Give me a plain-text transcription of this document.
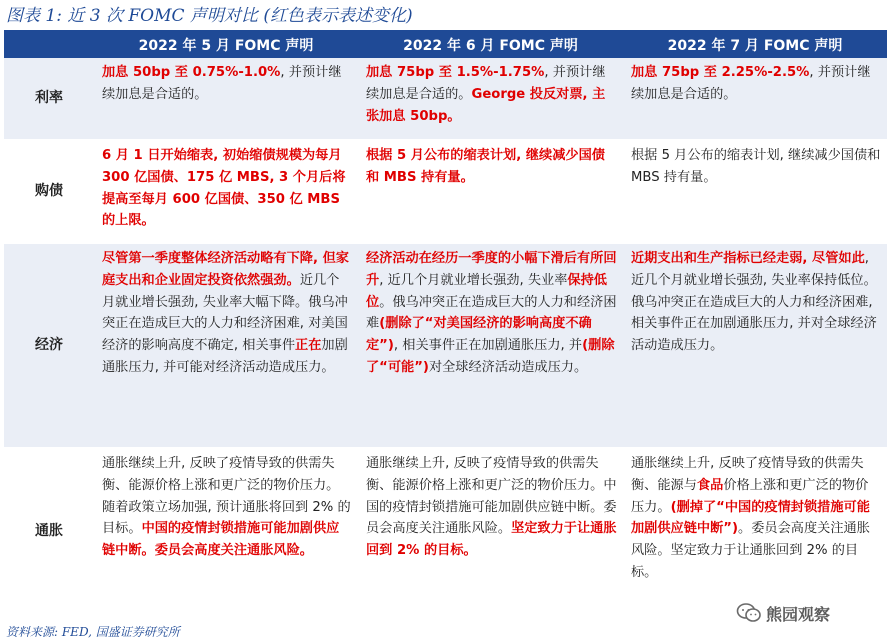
图表 1: 近 3 次 FOMC 声明对比 (红色表示表述变化)
	2022 年 5 月 FOMC 声明	2022 年 6 月 FOMC 声明	2022 年 7 月 FOMC 声明
利率	加息 50bp 至 0.75%-1.0%, 并预计继续加息是合适的。	加息 75bp 至 1.5%-1.75%, 并预计继续加息是合适的。George 投反对票, 主张加息 50bp。	加息 75bp 至 2.25%-2.5%, 并预计继续加息是合适的。
购债	6 月 1 日开始缩表, 初始缩债规模为每月 300 亿国债、175 亿 MBS, 3 个月后将提高至每月 600 亿国债、350 亿 MBS 的上限。	根据 5 月公布的缩表计划, 继续减少国债和 MBS 持有量。	根据 5 月公布的缩表计划, 继续减少国债和 MBS 持有量。
经济	尽管第一季度整体经济活动略有下降, 但家庭支出和企业固定投资依然强劲。近几个月就业增长强劲, 失业率大幅下降。俄乌冲突正在造成巨大的人力和经济困难, 对美国经济的影响高度不确定, 相关事件正在加剧通胀压力, 并可能对经济活动造成压力。	经济活动在经历一季度的小幅下滑后有所回升, 近几个月就业增长强劲, 失业率保持低位。俄乌冲突正在造成巨大的人力和经济困难(删除了“对美国经济的影响高度不确定”), 相关事件正在加剧通胀压力, 并(删除了“可能”)对全球经济活动造成压力。	近期支出和生产指标已经走弱, 尽管如此, 近几个月就业增长强劲, 失业率保持低位。俄乌冲突正在造成巨大的人力和经济困难, 相关事件正在加剧通胀压力, 并对全球经济活动造成压力。
通胀	通胀继续上升, 反映了疫情导致的供需失衡、能源价格上涨和更广泛的物价压力。随着政策立场加强, 预计通胀将回到 2% 的目标。中国的疫情封锁措施可能加剧供应链中断。委员会高度关注通胀风险。	通胀继续上升, 反映了疫情导致的供需失衡、能源价格上涨和更广泛的物价压力。中国的疫情封锁措施可能加剧供应链中断。委员会高度关注通胀风险。坚定致力于让通胀回到 2% 的目标。	通胀继续上升, 反映了疫情导致的供需失衡、能源与食品价格上涨和更广泛的物价压力。(删掉了“中国的疫情封锁措施可能加剧供应链中断”)。委员会高度关注通胀风险。坚定致力于让通胀回到 2% 的目标。
资料来源: FED, 国盛证券研究所
熊园观察
